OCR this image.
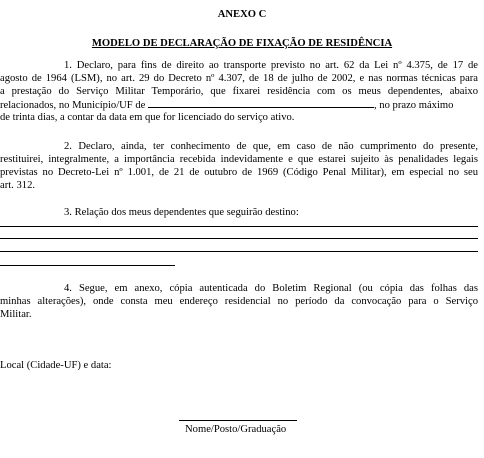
ANEXO C
MODELO DE DECLARAÇÃO DE FIXAÇÃO DE RESIDÊNCIA
1. Declaro, para fins de direito ao transporte previsto no art. 62 da Lei nº 4.375, de 17 de
agosto de 1964 (LSM), no art. 29 do Decreto nº 4.307, de 18 de julho de 2002, e nas normas técnicas para
a prestação do Serviço Militar Temporário, que fixarei residência com os meus dependentes, abaixo
relacionados, no Município/UF de	, no prazo máximo
de trinta dias, a contar da data em que for licenciado do serviço ativo.
2. Declaro, ainda, ter conhecimento de que, em caso de não cumprimento do presente,
restituirei, integralmente, a importância recebida indevidamente e que estarei sujeito às penalidades legais
previstas no Decreto-Lei nº 1.001, de 21 de outubro de 1969 (Código Penal Militar), em especial no seu
art. 312.
3. Relação dos meus dependentes que seguirão destino:
4. Segue, em anexo, cópia autenticada do Boletim Regional (ou cópia das folhas das
minhas alterações), onde consta meu endereço residencial no período da convocação para o Serviço
Militar.
Local (Cidade-UF) e data:
Nome/Posto/Graduação
